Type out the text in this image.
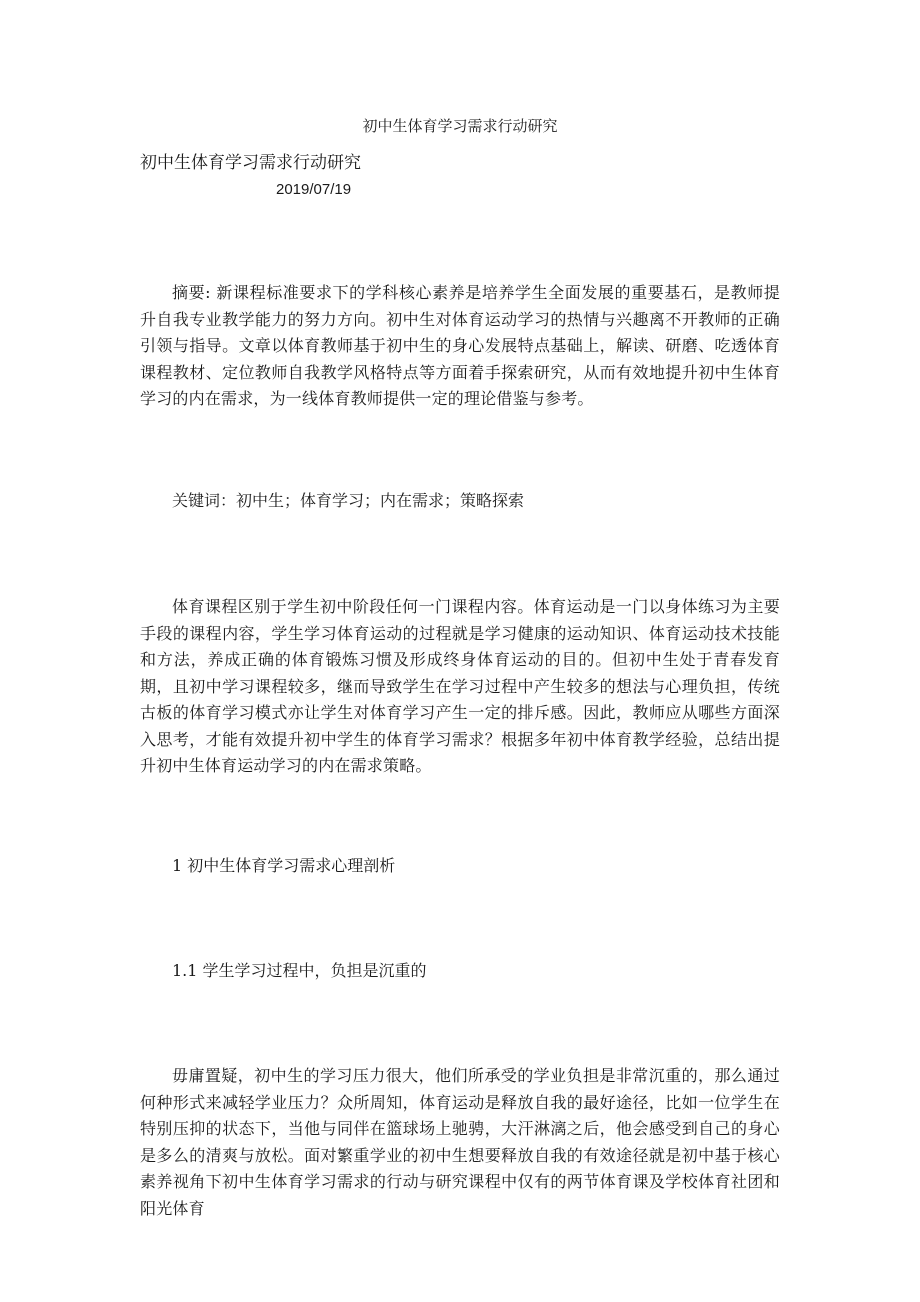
初中生体育学习需求行动研究
初中生体育学习需求行动研究
2019/07/19

摘要: 新课程标准要求下的学科核心素养是培养学生全面发展的重要基石，是教师提升自我专业教学能力的努力方向。初中生对体育运动学习的热情与兴趣离不开教师的正确引领与指导。文章以体育教师基于初中生的身心发展特点基础上，解读、研磨、吃透体育课程教材、定位教师自我教学风格特点等方面着手探索研究，从而有效地提升初中生体育学习的内在需求，为一线体育教师提供一定的理论借鉴与参考。

关键词：初中生；体育学习；内在需求；策略探索

体育课程区别于学生初中阶段任何一门课程内容。体育运动是一门以身体练习为主要手段的课程内容，学生学习体育运动的过程就是学习健康的运动知识、体育运动技术技能和方法，养成正确的体育锻炼习惯及形成终身体育运动的目的。但初中生处于青春发育期，且初中学习课程较多，继而导致学生在学习过程中产生较多的想法与心理负担，传统古板的体育学习模式亦让学生对体育学习产生一定的排斥感。因此，教师应从哪些方面深入思考，才能有效提升初中学生的体育学习需求？根据多年初中体育教学经验，总结出提升初中生体育运动学习的内在需求策略。

1 初中生体育学习需求心理剖析
1.1 学生学习过程中，负担是沉重的

毋庸置疑，初中生的学习压力很大，他们所承受的学业负担是非常沉重的，那么通过何种形式来减轻学业压力？众所周知，体育运动是释放自我的最好途径，比如一位学生在特别压抑的状态下，当他与同伴在篮球场上驰骋，大汗淋漓之后，他会感受到自己的身心是多么的清爽与放松。面对繁重学业的初中生想要释放自我的有效途径就是初中基于核心素养视角下初中生体育学习需求的行动与研究课程中仅有的两节体育课及学校体育社团和阳光体育
